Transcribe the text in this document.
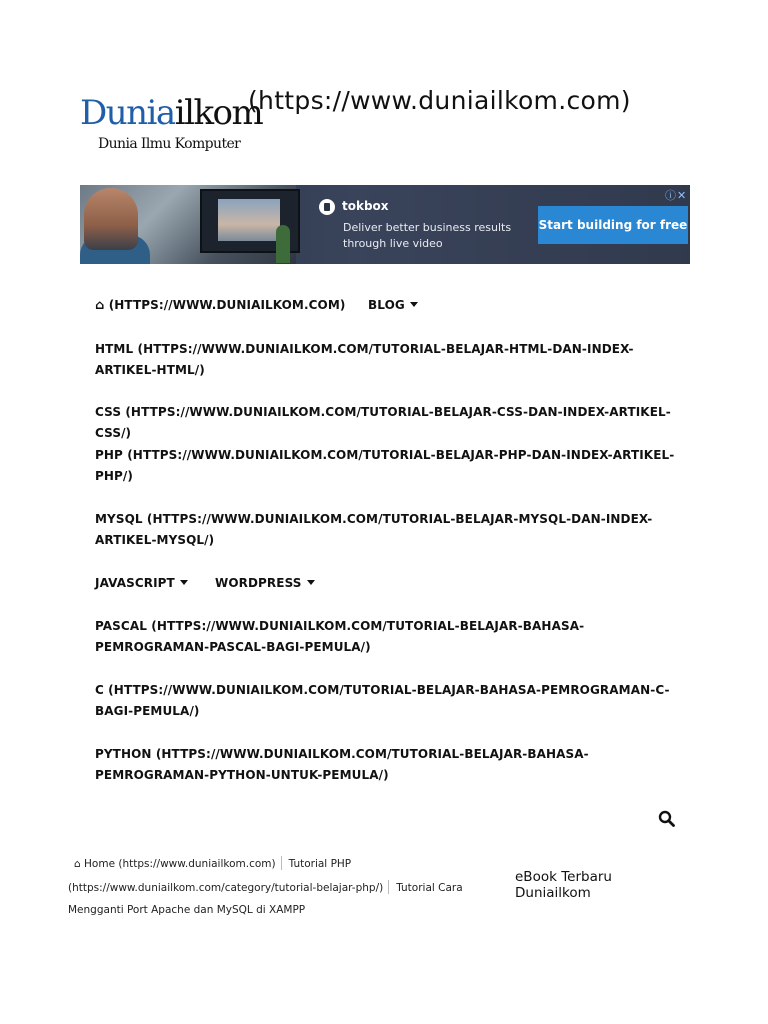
Duniailkom
(https://www.duniailkom.com)
Dunia Ilmu Komputer
tokbox
Deliver better business results
through live video
Start building for free
ⓘ✕
⌂ (HTTPS://WWW.DUNIAILKOM.COM) BLOG
HTML (HTTPS://WWW.DUNIAILKOM.COM/TUTORIAL-BELAJAR-HTML-DAN-INDEX-ARTIKEL-HTML/)
CSS (HTTPS://WWW.DUNIAILKOM.COM/TUTORIAL-BELAJAR-CSS-DAN-INDEX-ARTIKEL-CSS/)
PHP (HTTPS://WWW.DUNIAILKOM.COM/TUTORIAL-BELAJAR-PHP-DAN-INDEX-ARTIKEL-PHP/)
MYSQL (HTTPS://WWW.DUNIAILKOM.COM/TUTORIAL-BELAJAR-MYSQL-DAN-INDEX-ARTIKEL-MYSQL/)
JAVASCRIPT	WORDPRESS
PASCAL (HTTPS://WWW.DUNIAILKOM.COM/TUTORIAL-BELAJAR-BAHASA-PEMROGRAMAN-PASCAL-BAGI-PEMULA/)
C (HTTPS://WWW.DUNIAILKOM.COM/TUTORIAL-BELAJAR-BAHASA-PEMROGRAMAN-C-BAGI-PEMULA/)
PYTHON (HTTPS://WWW.DUNIAILKOM.COM/TUTORIAL-BELAJAR-BAHASA-PEMROGRAMAN-PYTHON-UNTUK-PEMULA/)
⌂ Home (https://www.duniailkom.com) Tutorial PHP
(https://www.duniailkom.com/category/tutorial-belajar-php/) Tutorial Cara
Mengganti Port Apache dan MySQL di XAMPP
eBook Terbaru Duniailkom
